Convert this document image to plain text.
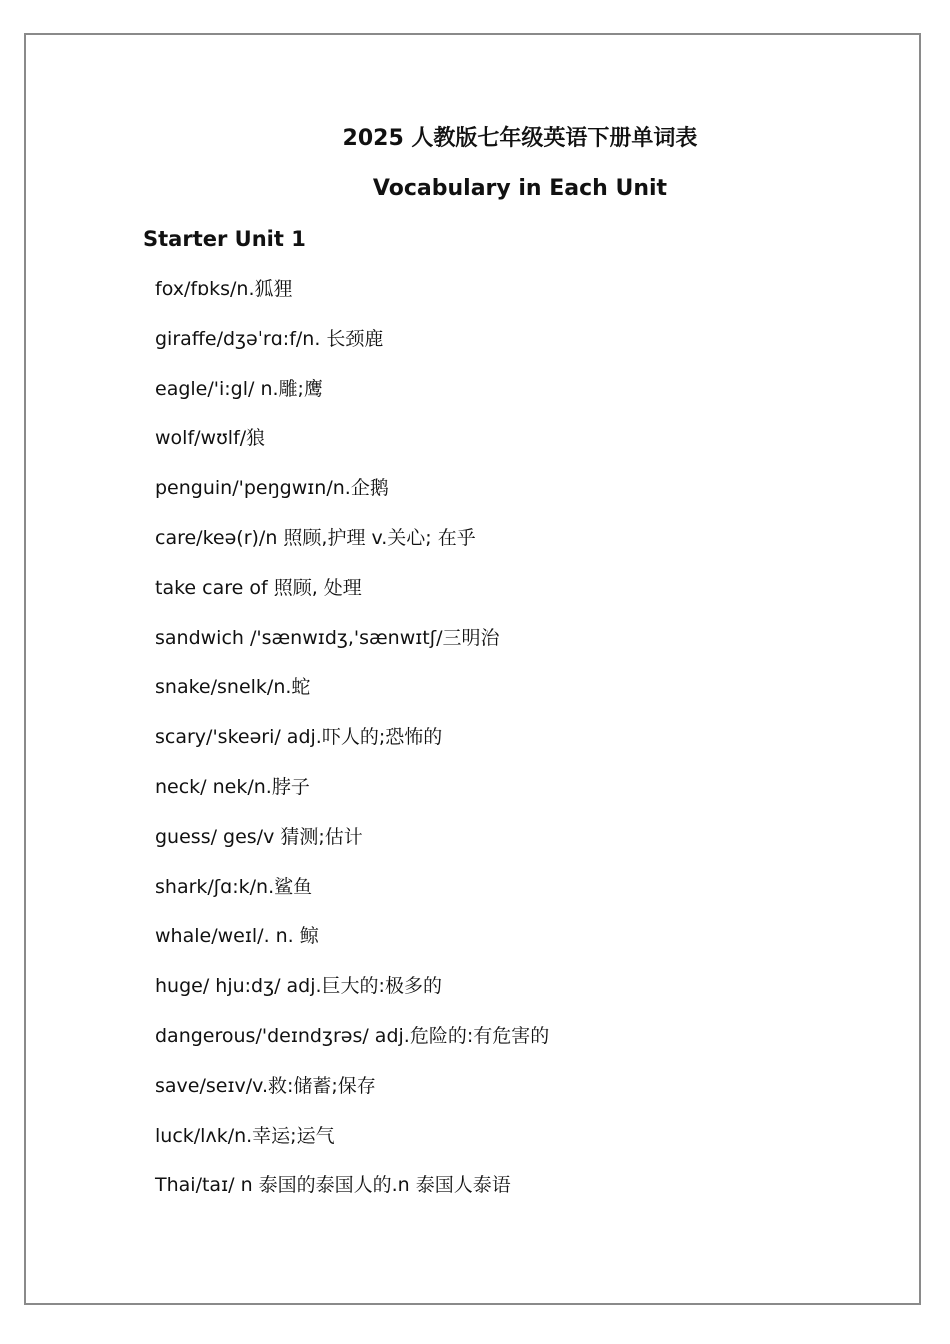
2025 人教版七年级英语下册单词表
Vocabulary in Each Unit
Starter Unit 1
fox/fɒks/n.狐狸
giraffe/dʒəˈrɑ:f/n. 长颈鹿
eagle/'i:gl/ n.雕;鹰
wolf/wʊlf/狼
penguin/'peŋgwɪn/n.企鹅
care/keə(r)/n 照顾,护理 v.关心; 在乎
take care of 照顾, 处理
sandwich /'sænwɪdʒ,'sænwɪtʃ/三明治
snake/snelk/n.蛇
scary/'skeəri/ adj.吓人的;恐怖的
neck/ nek/n.脖子
guess/ ges/v 猜测;估计
shark/ʃɑ:k/n.鲨鱼
whale/weɪl/. n. 鲸
huge/ hju:dʒ/ adj.巨大的:极多的
dangerous/'deɪndʒrəs/ adj.危险的:有危害的
save/seɪv/v.救:储蓄;保存
luck/lʌk/n.幸运;运气
Thai/taɪ/ n 泰国的泰国人的.n 泰国人泰语
